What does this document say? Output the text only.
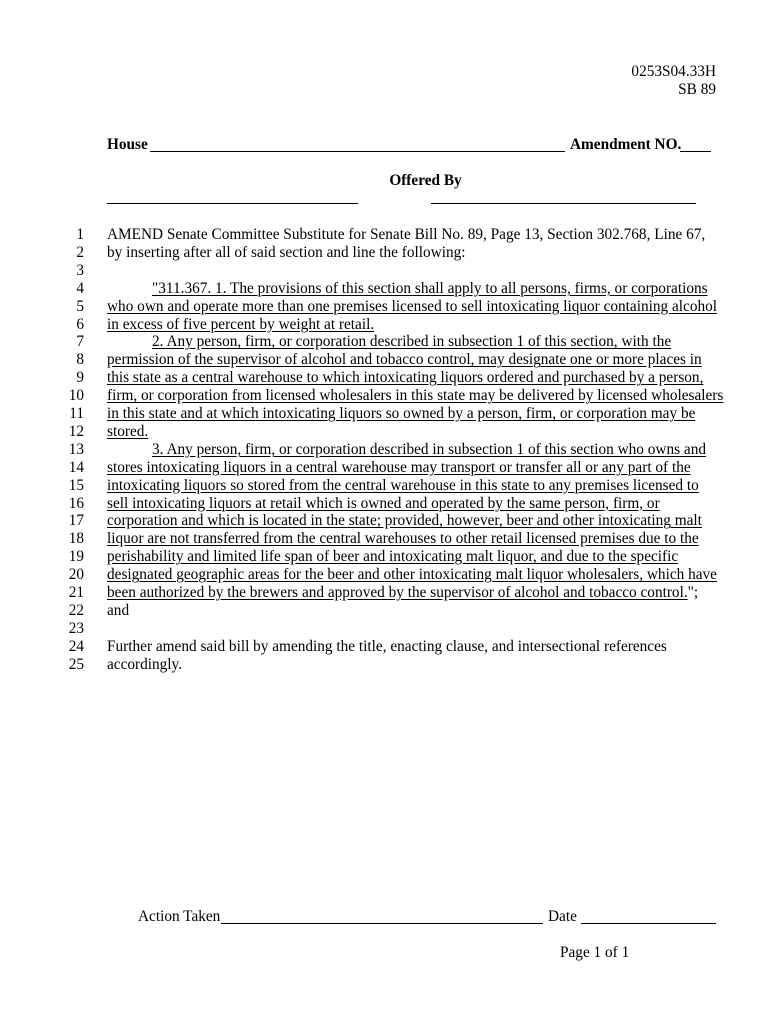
0253S04.33H
SB 89
House	Amendment NO.
Offered By
1 AMEND Senate Committee Substitute for Senate Bill No. 89, Page 13, Section 302.768, Line 67,
2 by inserting after all of said section and line the following:
3
4	"311.367. 1. The provisions of this section shall apply to all persons, firms, or corporations
5 who own and operate more than one premises licensed to sell intoxicating liquor containing alcohol
6 in excess of five percent by weight at retail.
7	2. Any person, firm, or corporation described in subsection 1 of this section, with the
8 permission of the supervisor of alcohol and tobacco control, may designate one or more places in
9 this state as a central warehouse to which intoxicating liquors ordered and purchased by a person,
10 firm, or corporation from licensed wholesalers in this state may be delivered by licensed wholesalers
11 in this state and at which intoxicating liquors so owned by a person, firm, or corporation may be
12 stored.
13	3. Any person, firm, or corporation described in subsection 1 of this section who owns and
14 stores intoxicating liquors in a central warehouse may transport or transfer all or any part of the
15 intoxicating liquors so stored from the central warehouse in this state to any premises licensed to
16 sell intoxicating liquors at retail which is owned and operated by the same person, firm, or
17 corporation and which is located in the state; provided, however, beer and other intoxicating malt
18 liquor are not transferred from the central warehouses to other retail licensed premises due to the
19 perishability and limited life span of beer and intoxicating malt liquor, and due to the specific
20 designated geographic areas for the beer and other intoxicating malt liquor wholesalers, which have
21 been authorized by the brewers and approved by the supervisor of alcohol and tobacco control.";
22 and
23
24 Further amend said bill by amending the title, enacting clause, and intersectional references
25 accordingly.
Action Taken	Date
Page 1 of 1
